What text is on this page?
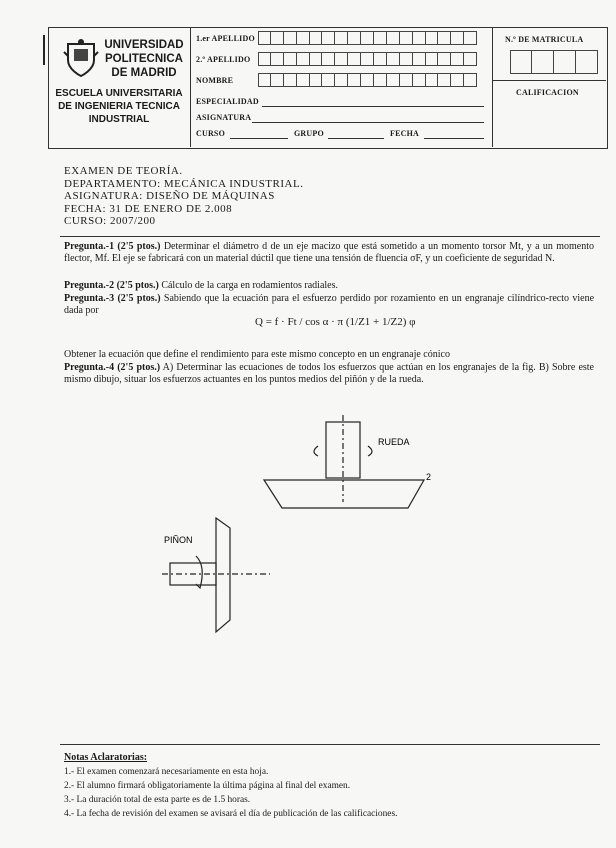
UNIVERSIDAD
POLITECNICA
DE MADRID
ESCUELA UNIVERSITARIA
DE INGENIERIA TECNICA
INDUSTRIAL
1.er APELLIDO
2.º APELLIDO
NOMBRE
ESPECIALIDAD
ASIGNATURA
CURSO	GRUPO	FECHA
N.º DE MATRICULA
CALIFICACION
EXAMEN DE TEORÍA.
DEPARTAMENTO: MECÁNICA INDUSTRIAL.
ASIGNATURA: DISEÑO DE MÁQUINAS
FECHA: 31 DE ENERO DE 2.008
CURSO: 2007/200
Pregunta.-1 (2'5 ptos.) Determinar el diámetro d de un eje macizo que está sometido a un momento torsor Mt, y a un momento flector, Mf. El eje se fabricará con un material dúctil que tiene una tensión de fluencia σF, y un coeficiente de seguridad N.
Pregunta.-2 (2'5 ptos.) Cálculo de la carga en rodamientos radiales.
Pregunta.-3 (2'5 ptos.) Sabiendo que la ecuación para el esfuerzo perdido por rozamiento en un engranaje cilíndrico-recto viene dada por
Q = f · Ft / cos α · π (1/Z1 + 1/Z2) φ
Obtener la ecuación que define el rendimiento para este mismo concepto en un engranaje cónico
Pregunta.-4 (2'5 ptos.) A) Determinar las ecuaciones de todos los esfuerzos que actúan en los engranajes de la fig. B) Sobre este mismo dibujo, situar los esfuerzos actuantes en los puntos medios del piñón y de la rueda.
RUEDA
2
PIÑON
Notas Aclaratorias:
1.- El examen comenzará necesariamente en esta hoja.
2.- El alumno firmará obligatoriamente la última página al final del examen.
3.- La duración total de esta parte es de 1.5 horas.
4.- La fecha de revisión del examen se avisará el día de publicación de las calificaciones.
